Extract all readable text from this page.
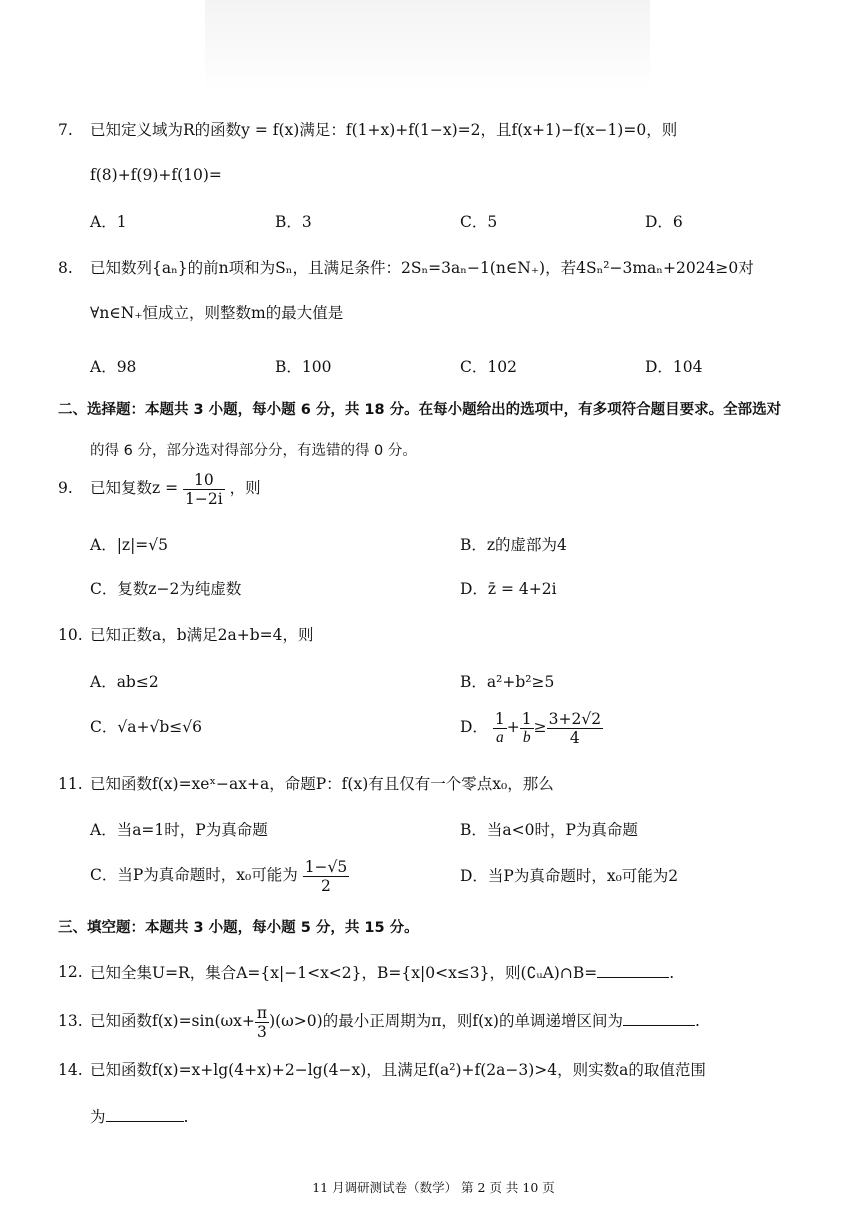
7. 已知定义域为R的函数y = f(x)满足：f(1+x)+f(1−x)=2，且f(x+1)−f(x−1)=0，则
f(8)+f(9)+f(10)=
A．1	B．3	C．5	D．6
8. 已知数列{aₙ}的前n项和为Sₙ，且满足条件：2Sₙ=3aₙ−1(n∈N₊)，若4Sₙ²−3maₙ+2024≥0对
∀n∈N₊恒成立，则整数m的最大值是
A．98	B．100	C．102	D．104
二、选择题：本题共 3 小题，每小题 6 分，共 18 分。在每小题给出的选项中，有多项符合题目要求。全部选对
的得 6 分，部分选对得部分分，有选错的得 0 分。
9. 已知复数$z = \frac{10}{1-2i}$ ，则
A．|z|=√5	B．z的虚部为4
C．复数z−2为纯虚数	D．z̄ = 4+2i
10. 已知正数a，b满足2a+b=4，则
A．ab≤2	B．a²+b²≥5
C．√a+√b≤√6	D． $\frac{1}{a} + \frac{1}{b} \ge \frac{3+2√2}{4}$
11. 已知函数f(x)=xeˣ−ax+a，命题P：f(x)有且仅有一个零点x₀，那么
A．当a=1时，P为真命题	B．当a<0时，P为真命题
C．当P为真命题时，x₀可能为 $\frac{1-√5}{2}$	D．当P为真命题时，x₀可能为2
三、填空题：本题共 3 小题，每小题 5 分，共 15 分。
12. 已知全集U=R，集合A={x|−1<x<2}，B={x|0<x≤3}，则(∁ᵤA)∩B=	.
13. 已知函数$f(x)=\sin(\omega x+ \frac{\pi}{3} )(\omega>0)$的最小正周期为π，则f(x)的单调递增区间为	.
14. 已知函数f(x)=x+lg(4+x)+2−lg(4−x)，且满足f(a²)+f(2a−3)>4，则实数a的取值范围
为	.
11 月调研测试卷（数学） 第 2 页 共 10 页
